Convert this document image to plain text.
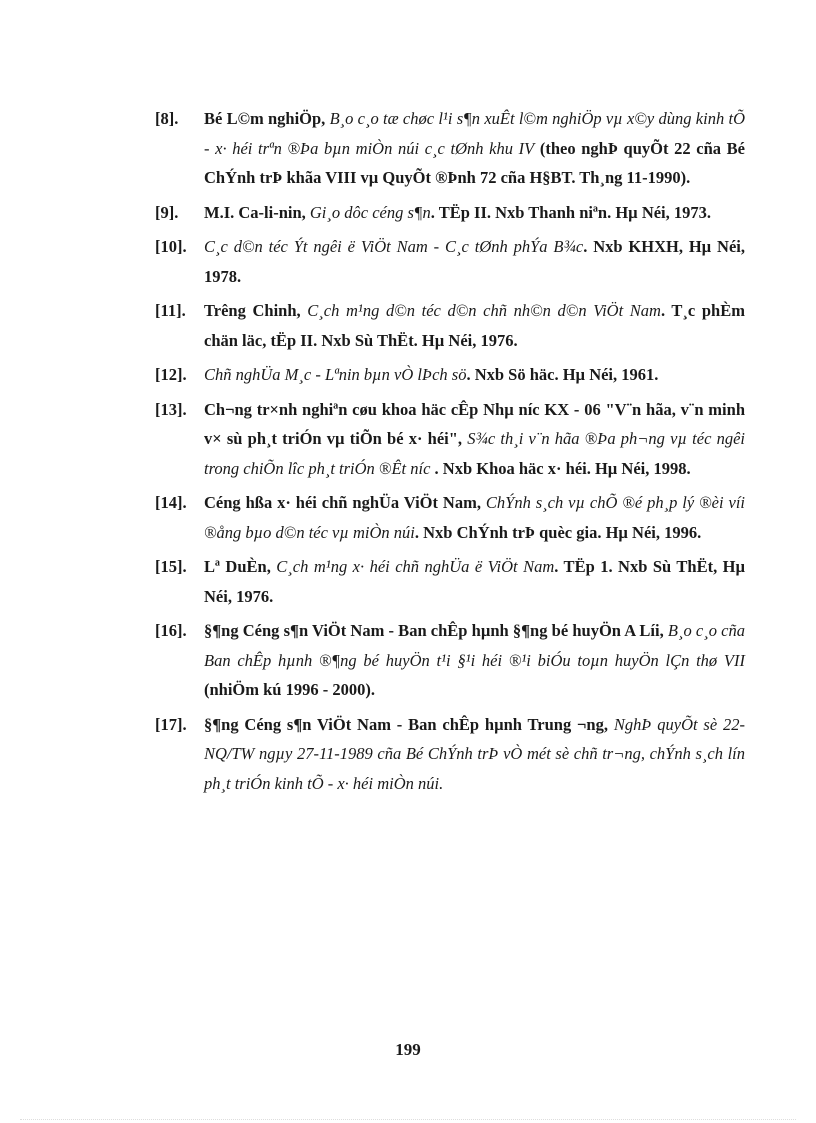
[8]. Bé L©m nghiÖp, B¸o c¸o tæ chøc l¹i s¶n xuÊt l©m nghiÖp vµ x©y dùng kinh tÕ - x· héi trªn ®Þa bµn miÒn núi c¸c tØnh khu IV (theo nghÞ quyÕt 22 cña Bé ChÝnh trÞ khãa VIII vµ QuyÕt ®Þnh 72 cña H§BT. Th¸ng 11-1990).
[9]. M.I. Ca-li-nin, Gi¸o dôc céng s¶n. TËp II. Nxb Thanh niªn. Hµ Néi, 1973.
[10]. C¸c d©n téc Ýt ngêi ë ViÖt Nam - C¸c tØnh phÝa B¾c. Nxb KHXH, Hµ Néi, 1978.
[11]. Trêng Chinh, C¸ch m¹ng d©n téc d©n chñ nh©n d©n ViÖt Nam. T¸c phÈm chän läc, tËp II. Nxb Sù ThËt. Hµ Néi, 1976.
[12]. Chñ nghÜa M¸c - Lªnin bµn vÒ lÞch sö. Nxb Sö häc. Hµ Néi, 1961.
[13]. Ch¬ng tr×nh nghiªn cøu khoa häc cÊp Nhµ níc KX - 06 "V¨n hãa, v¨n minh v× sù ph¸t triÓn vµ tiÕn bé x· héi", S¾c th¸i v¨n hãa ®Þa ph¬ng vµ téc ngêi trong chiÕn lîc ph¸t triÓn ®Êt níc . Nxb Khoa häc x· héi. Hµ Néi, 1998.
[14]. Céng hßa x· héi chñ nghÜa ViÖt Nam, ChÝnh s¸ch vµ chÕ ®é ph¸p lý ®èi víi ®ång bµo d©n téc vµ miÒn núi. Nxb ChÝnh trÞ quèc gia. Hµ Néi, 1996.
[15]. Lª DuÈn, C¸ch m¹ng x· héi chñ nghÜa ë ViÖt Nam. TËp 1. Nxb Sù ThËt, Hµ Néi, 1976.
[16]. §¶ng Céng s¶n ViÖt Nam - Ban chÊp hµnh §¶ng bé huyÖn A Líi, B¸o c¸o cña Ban chÊp hµnh ®¶ng bé huyÖn t¹i §¹i héi ®¹i biÓu toµn huyÖn lÇn thø VII (nhiÖm kú 1996 - 2000).
[17]. §¶ng Céng s¶n ViÖt Nam - Ban chÊp hµnh Trung ¬ng, NghÞ quyÕt sè 22-NQ/TW ngµy 27-11-1989 cña Bé ChÝnh trÞ vÒ mét sè chñ tr¬ng, chÝnh s¸ch lín ph¸t triÓn kinh tÕ - x· héi miÒn núi.
199
